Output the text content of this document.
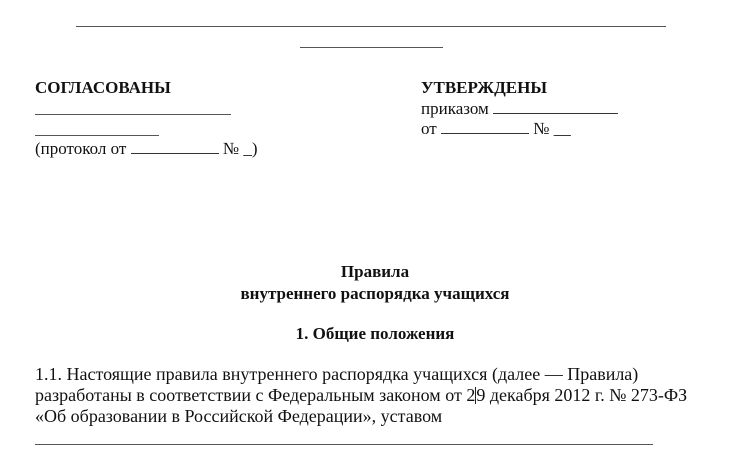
СОГЛАСОВАНЫ
(протокол от	№ _)
УТВЕРЖДЕНЫ
приказом
от	№ __
Правила
внутреннего распорядка учащихся
1. Общие положения
1.1. Настоящие правила внутреннего распорядка учащихся (далее — Правила)
разработаны в соответствии с Федеральным законом от 29 декабря 2012 г. № 273-ФЗ
«Об образовании в Российской Федерации», уставом
